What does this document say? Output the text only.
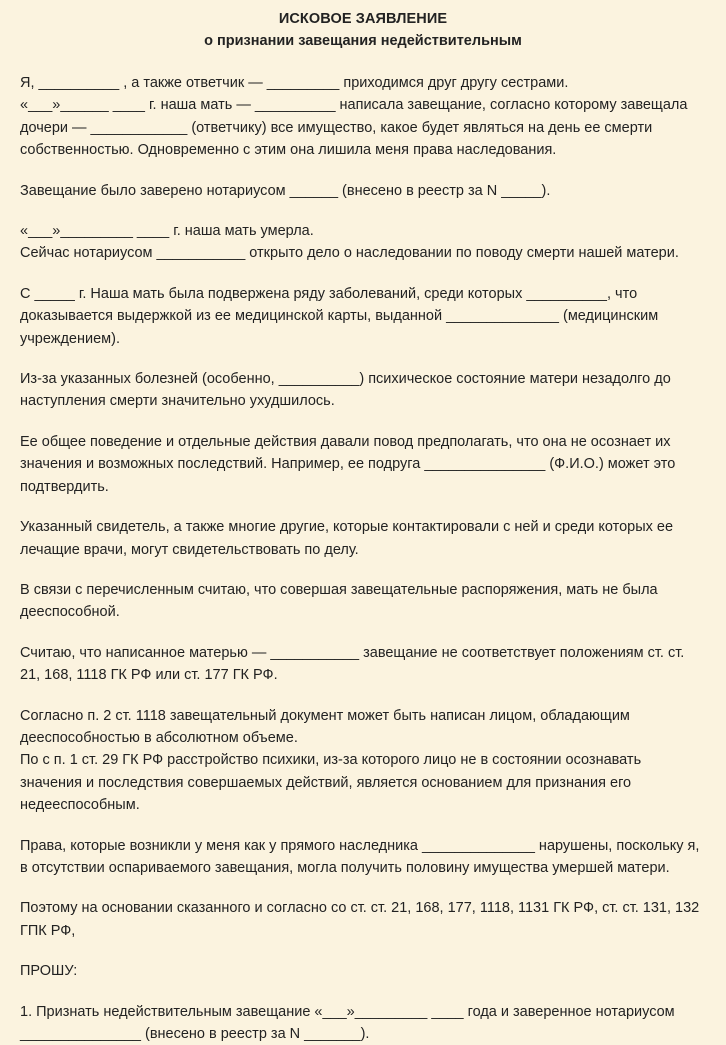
ИСКОВОЕ ЗАЯВЛЕНИЕ

о признании завещания недействительным

Я, __________ , а также ответчик — _________ приходимся друг другу сестрами.
«___»______ ____ г. наша мать — __________ написала завещание, согласно которому завещала дочери — ____________ (ответчику) все имущество, какое будет являться на день ее смерти собственностью. Одновременно с этим она лишила меня права наследования.

Завещание было заверено нотариусом ______ (внесено в реестр за N _____).

«___»_________ ____ г. наша мать умерла.
Сейчас нотариусом ___________ открыто дело о наследовании по поводу смерти нашей матери.

С _____ г. Наша мать была подвержена ряду заболеваний, среди которых __________, что доказывается выдержкой из ее медицинской карты, выданной ______________ (медицинским учреждением).

Из-за указанных болезней (особенно, __________) психическое состояние матери незадолго до наступления смерти значительно ухудшилось.

Ее общее поведение и отдельные действия давали повод предполагать, что она не осознает их значения и возможных последствий. Например, ее подруга _______________ (Ф.И.О.) может это подтвердить.

Указанный свидетель, а также многие другие, которые контактировали с ней и среди которых ее лечащие врачи, могут свидетельствовать по делу.

В связи с перечисленным считаю, что совершая завещательные распоряжения, мать не была дееспособной.

Считаю, что написанное матерью — ___________ завещание не соответствует положениям ст. ст. 21, 168, 1118 ГК РФ или ст. 177 ГК РФ.

Согласно п. 2 ст. 1118 завещательный документ может быть написан лицом, обладающим дееспособностью в абсолютном объеме.
По с п. 1 ст. 29 ГК РФ расстройство психики, из-за которого лицо не в состоянии осознавать значения и последствия совершаемых действий, является основанием для признания его недееспособным.

Права, которые возникли у меня как у прямого наследника ______________ нарушены, поскольку я, в отсутствии оспариваемого завещания, могла получить половину имущества умершей матери.

Поэтому на основании сказанного и согласно со ст. ст. 21, 168, 177, 1118, 1131 ГК РФ, ст. ст. 131, 132 ГПК РФ,

ПРОШУ:

1. Признать недействительным завещание «___»_________ ____ года и заверенное нотариусом _______________ (внесено в реестр за N _______).
